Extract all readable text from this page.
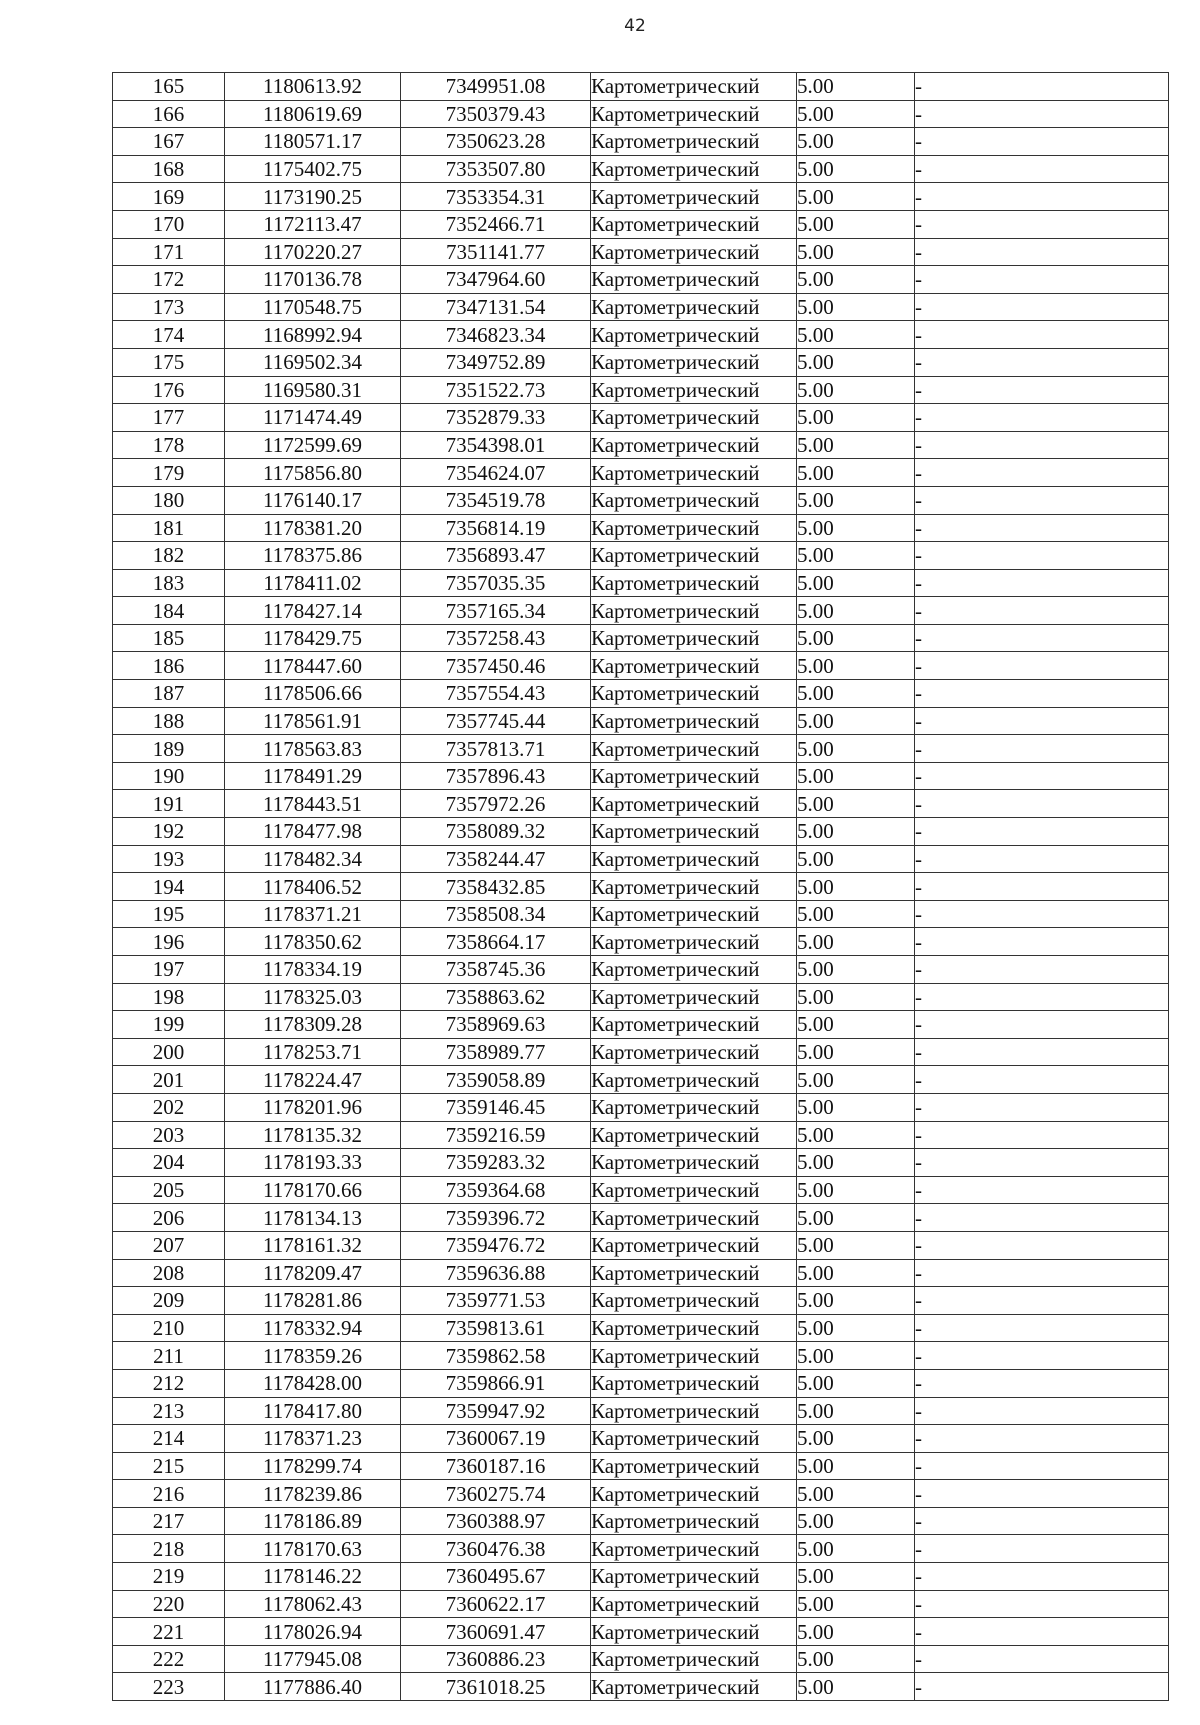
42
165	1180613.92	7349951.08	Картометрический	5.00	-
166	1180619.69	7350379.43	Картометрический	5.00	-
167	1180571.17	7350623.28	Картометрический	5.00	-
168	1175402.75	7353507.80	Картометрический	5.00	-
169	1173190.25	7353354.31	Картометрический	5.00	-
170	1172113.47	7352466.71	Картометрический	5.00	-
171	1170220.27	7351141.77	Картометрический	5.00	-
172	1170136.78	7347964.60	Картометрический	5.00	-
173	1170548.75	7347131.54	Картометрический	5.00	-
174	1168992.94	7346823.34	Картометрический	5.00	-
175	1169502.34	7349752.89	Картометрический	5.00	-
176	1169580.31	7351522.73	Картометрический	5.00	-
177	1171474.49	7352879.33	Картометрический	5.00	-
178	1172599.69	7354398.01	Картометрический	5.00	-
179	1175856.80	7354624.07	Картометрический	5.00	-
180	1176140.17	7354519.78	Картометрический	5.00	-
181	1178381.20	7356814.19	Картометрический	5.00	-
182	1178375.86	7356893.47	Картометрический	5.00	-
183	1178411.02	7357035.35	Картометрический	5.00	-
184	1178427.14	7357165.34	Картометрический	5.00	-
185	1178429.75	7357258.43	Картометрический	5.00	-
186	1178447.60	7357450.46	Картометрический	5.00	-
187	1178506.66	7357554.43	Картометрический	5.00	-
188	1178561.91	7357745.44	Картометрический	5.00	-
189	1178563.83	7357813.71	Картометрический	5.00	-
190	1178491.29	7357896.43	Картометрический	5.00	-
191	1178443.51	7357972.26	Картометрический	5.00	-
192	1178477.98	7358089.32	Картометрический	5.00	-
193	1178482.34	7358244.47	Картометрический	5.00	-
194	1178406.52	7358432.85	Картометрический	5.00	-
195	1178371.21	7358508.34	Картометрический	5.00	-
196	1178350.62	7358664.17	Картометрический	5.00	-
197	1178334.19	7358745.36	Картометрический	5.00	-
198	1178325.03	7358863.62	Картометрический	5.00	-
199	1178309.28	7358969.63	Картометрический	5.00	-
200	1178253.71	7358989.77	Картометрический	5.00	-
201	1178224.47	7359058.89	Картометрический	5.00	-
202	1178201.96	7359146.45	Картометрический	5.00	-
203	1178135.32	7359216.59	Картометрический	5.00	-
204	1178193.33	7359283.32	Картометрический	5.00	-
205	1178170.66	7359364.68	Картометрический	5.00	-
206	1178134.13	7359396.72	Картометрический	5.00	-
207	1178161.32	7359476.72	Картометрический	5.00	-
208	1178209.47	7359636.88	Картометрический	5.00	-
209	1178281.86	7359771.53	Картометрический	5.00	-
210	1178332.94	7359813.61	Картометрический	5.00	-
211	1178359.26	7359862.58	Картометрический	5.00	-
212	1178428.00	7359866.91	Картометрический	5.00	-
213	1178417.80	7359947.92	Картометрический	5.00	-
214	1178371.23	7360067.19	Картометрический	5.00	-
215	1178299.74	7360187.16	Картометрический	5.00	-
216	1178239.86	7360275.74	Картометрический	5.00	-
217	1178186.89	7360388.97	Картометрический	5.00	-
218	1178170.63	7360476.38	Картометрический	5.00	-
219	1178146.22	7360495.67	Картометрический	5.00	-
220	1178062.43	7360622.17	Картометрический	5.00	-
221	1178026.94	7360691.47	Картометрический	5.00	-
222	1177945.08	7360886.23	Картометрический	5.00	-
223	1177886.40	7361018.25	Картометрический	5.00	-
